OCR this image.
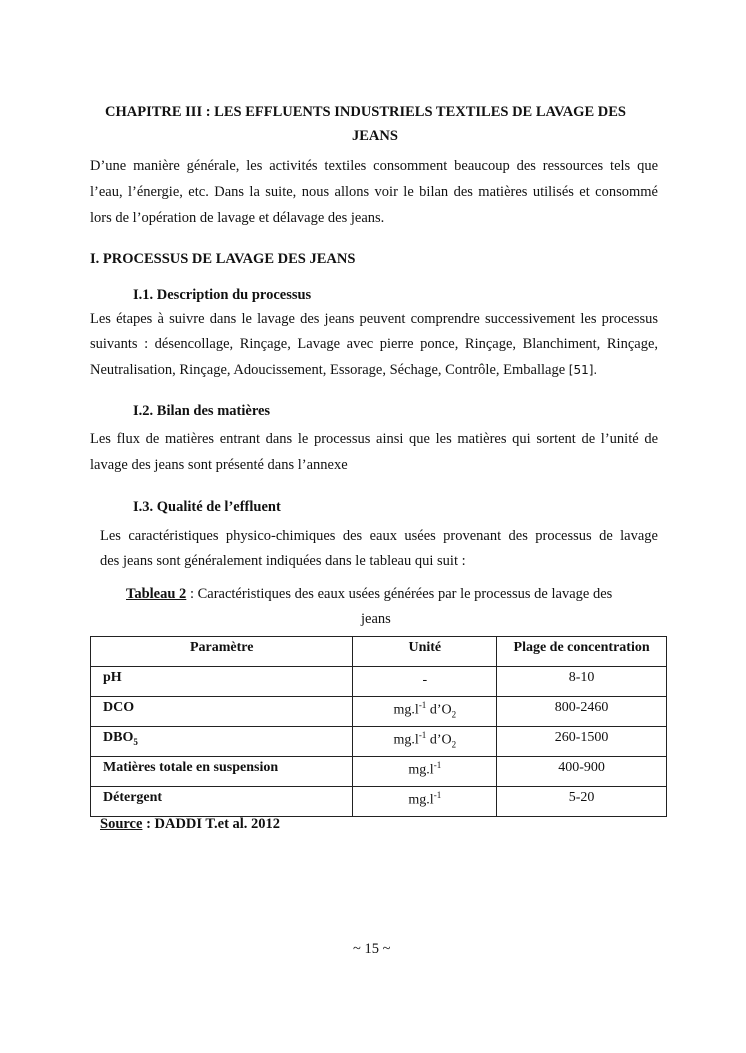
CHAPITRE III : LES EFFLUENTS INDUSTRIELS TEXTILES DE LAVAGE DES
JEANS
D’une manière générale, les activités textiles consomment beaucoup des ressources tels que
l’eau, l’énergie, etc. Dans la suite, nous allons voir le bilan des matières utilisés et consommé
lors de l’opération de lavage et délavage des jeans.
I. PROCESSUS DE LAVAGE DES JEANS
I.1. Description du processus
Les étapes à suivre dans le lavage des jeans peuvent comprendre successivement les processus
suivants : désencollage, Rinçage, Lavage avec pierre ponce, Rinçage, Blanchiment, Rinçage,
Neutralisation, Rinçage, Adoucissement, Essorage, Séchage, Contrôle, Emballage [51].
I.2. Bilan des matières
Les flux de matières entrant dans le processus ainsi que les matières qui sortent de l’unité de
lavage des jeans sont présenté dans l’annexe
I.3. Qualité de l’effluent
Les caractéristiques physico-chimiques des eaux usées provenant des processus de lavage
des jeans sont généralement indiquées dans le tableau qui suit :
Tableau 2 : Caractéristiques des eaux usées générées par le processus de lavage des
jeans
Paramètre	Unité	Plage de concentration
pH	-	8-10
DCO	$mg.l^{-1}$ $d’O_2$	800-2460
$DBO_5$	$mg.l^{-1}$ $d’O_2$	260-1500
Matières totale en suspension	$mg.l^{-1}$	400-900
Détergent	$mg.l^{-1}$	5-20
Source : DADDI T.et al. 2012
~ 15 ~
